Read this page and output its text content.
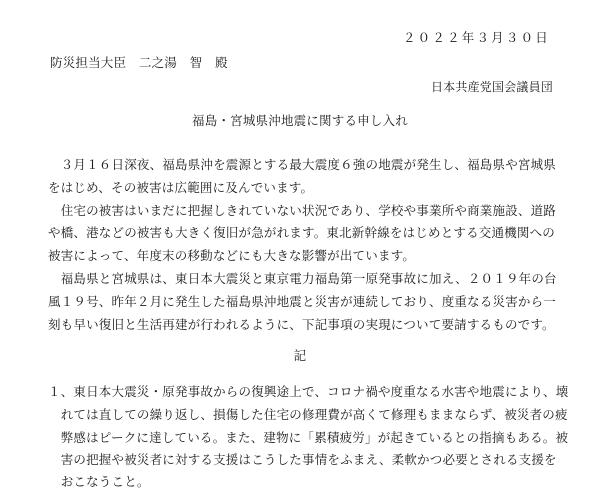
２０２２年３月３０日
防災担当大臣　二之湯　智　殿
日本共産党国会議員団
福島・宮城県沖地震に関する申し入れ
　３月１６日深夜、福島県沖を震源とする最大震度６強の地震が発生し、福島県や宮城県
をはじめ、その被害は広範囲に及んでいます。
　住宅の被害はいまだに把握しきれていない状況であり、学校や事業所や商業施設、道路
や橋、港などの被害も大きく復旧が急がれます。東北新幹線をはじめとする交通機関への
被害によって、年度末の移動などにも大きな影響が出ています。
　福島県と宮城県は、東日本大震災と東京電力福島第一原発事故に加え、２０１９年の台
風１９号、昨年２月に発生した福島県沖地震と災害が連続しており、度重なる災害から一
刻も早い復旧と生活再建が行われるように、下記事項の実現について要請するものです。
記
１、東日本大震災・原発事故からの復興途上で、コロナ禍や度重なる水害や地震により、壊
　れては直しての繰り返し、損傷した住宅の修理費が高くて修理もままならず、被災者の疲
　弊感はピークに達している。また、建物に「累積疲労」が起きているとの指摘もある。被
　害の把握や被災者に対する支援はこうした事情をふまえ、柔軟かつ必要とされる支援を
　おこなうこと。
